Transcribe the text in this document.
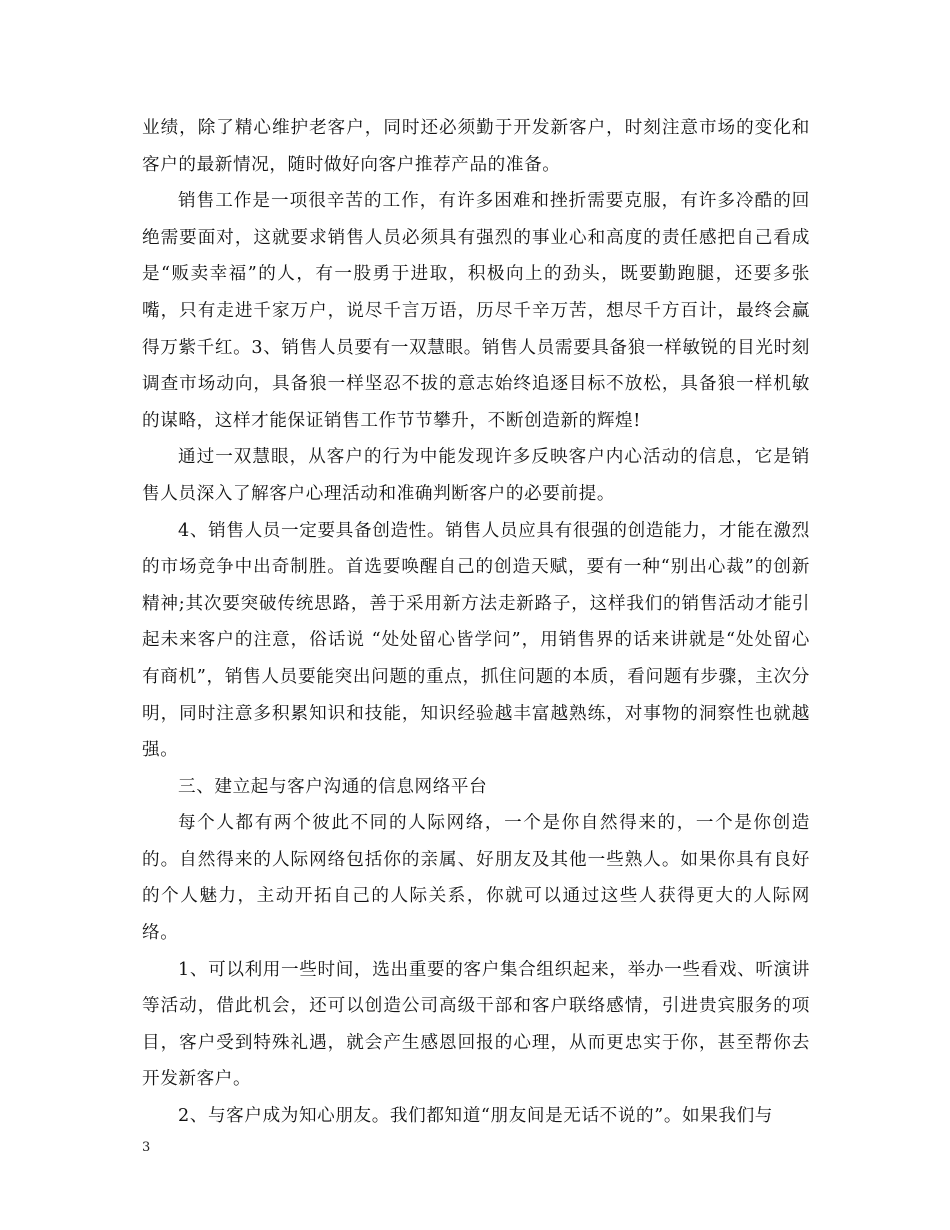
业绩，除了精心维护老客户，同时还必须勤于开发新客户，时刻注意市场的变化和客户的最新情况，随时做好向客户推荐产品的准备。

销售工作是一项很辛苦的工作，有许多困难和挫折需要克服，有许多冷酷的回绝需要面对，这就要求销售人员必须具有强烈的事业心和高度的责任感把自己看成是“贩卖幸福”的人，有一股勇于进取，积极向上的劲头，既要勤跑腿，还要多张嘴，只有走进千家万户，说尽千言万语，历尽千辛万苦，想尽千方百计，最终会赢得万紫千红。3、销售人员要有一双慧眼。销售人员需要具备狼一样敏锐的目光时刻调查市场动向，具备狼一样坚忍不拔的意志始终追逐目标不放松，具备狼一样机敏的谋略，这样才能保证销售工作节节攀升，不断创造新的辉煌!

通过一双慧眼，从客户的行为中能发现许多反映客户内心活动的信息，它是销售人员深入了解客户心理活动和准确判断客户的必要前提。

4、销售人员一定要具备创造性。销售人员应具有很强的创造能力，才能在激烈的市场竞争中出奇制胜。首选要唤醒自己的创造天赋，要有一种“别出心裁”的创新精神;其次要突破传统思路，善于采用新方法走新路子，这样我们的销售活动才能引起未来客户的注意，俗话说 “处处留心皆学问”，用销售界的话来讲就是“处处留心有商机”，销售人员要能突出问题的重点，抓住问题的本质，看问题有步骤，主次分明，同时注意多积累知识和技能，知识经验越丰富越熟练，对事物的洞察性也就越强。

三、建立起与客户沟通的信息网络平台

每个人都有两个彼此不同的人际网络，一个是你自然得来的，一个是你创造的。自然得来的人际网络包括你的亲属、好朋友及其他一些熟人。如果你具有良好的个人魅力，主动开拓自己的人际关系，你就可以通过这些人获得更大的人际网络。

1、可以利用一些时间，选出重要的客户集合组织起来，举办一些看戏、听演讲等活动，借此机会，还可以创造公司高级干部和客户联络感情，引进贵宾服务的项目，客户受到特殊礼遇，就会产生感恩回报的心理，从而更忠实于你，甚至帮你去开发新客户。

2、与客户成为知心朋友。我们都知道“朋友间是无话不说的”。如果我们与

3
